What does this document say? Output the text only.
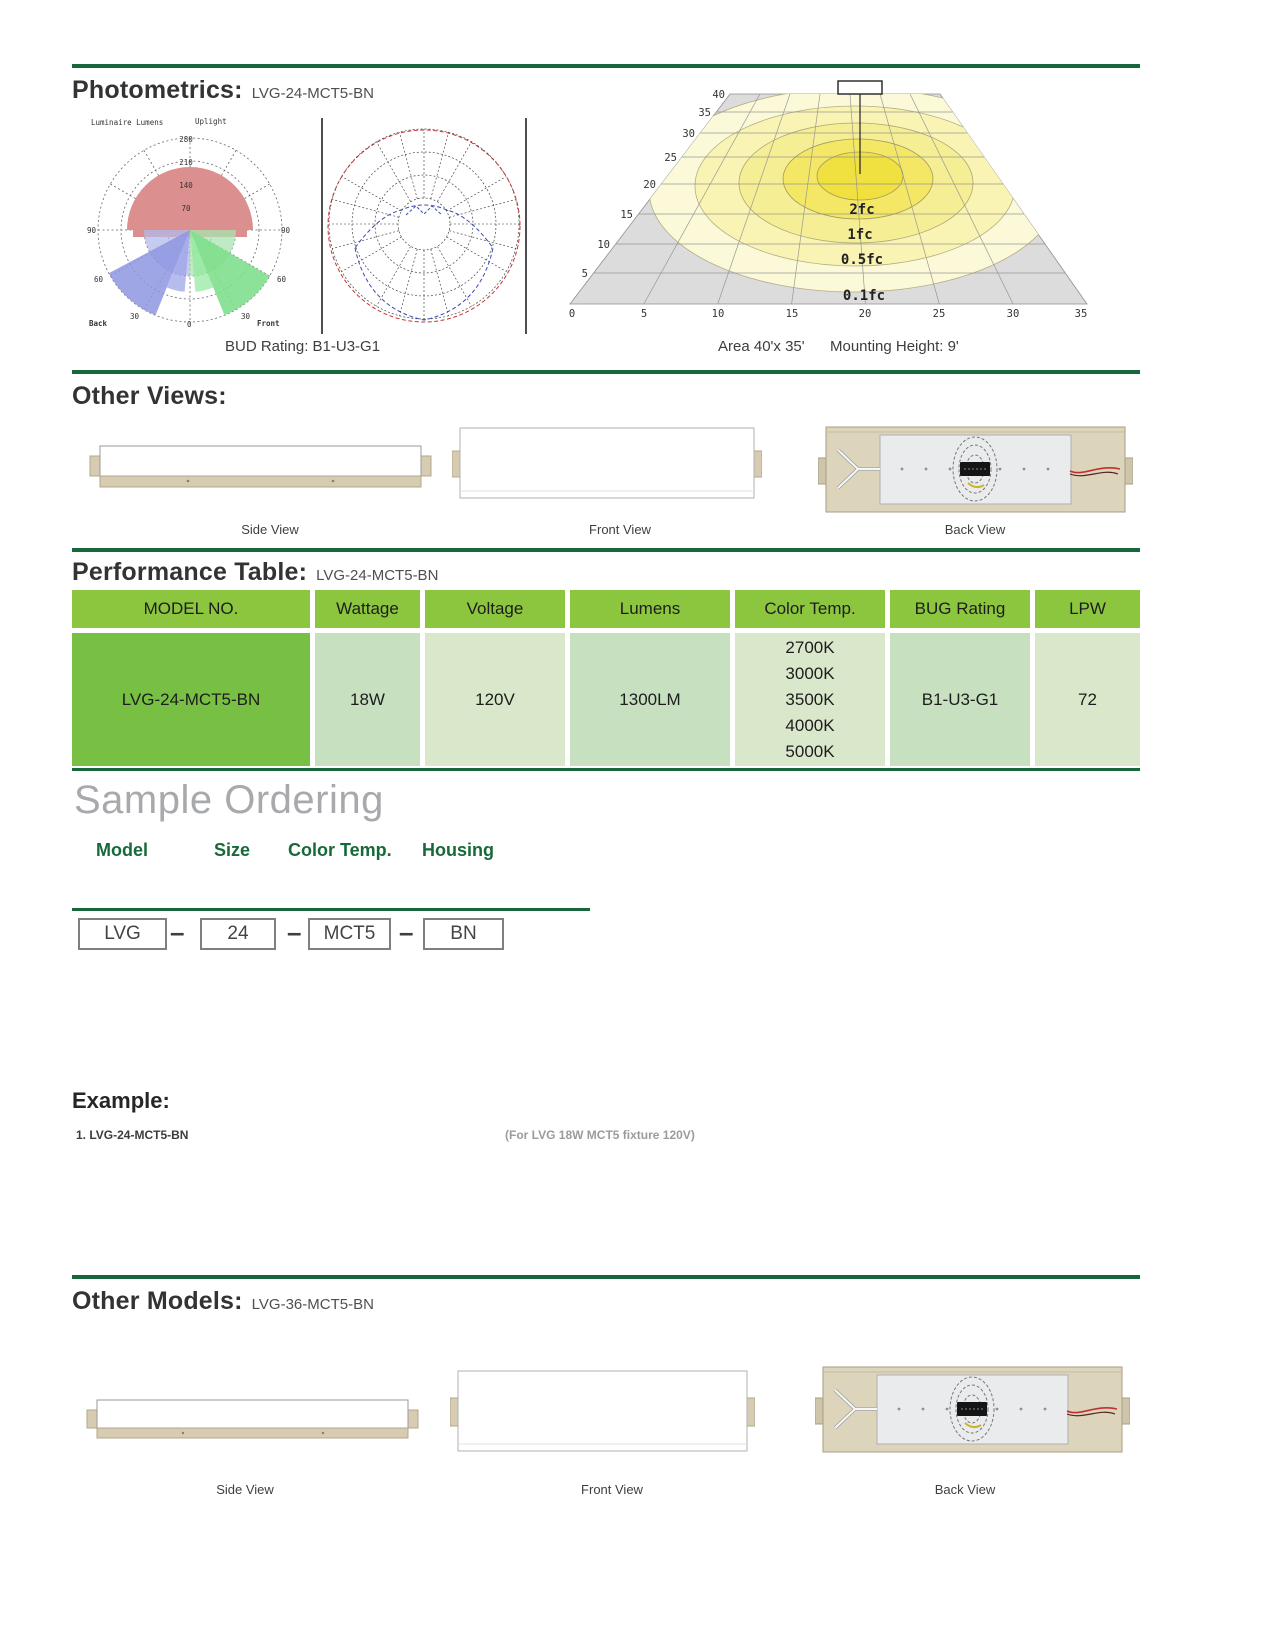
Photometrics: LVG-24-MCT5-BN
Luminaire Lumens	Uplight
280
210
140
70
90
60
30
90
60
30
0
Back	Front
40
35
30
25
20
15
10
5
0	5	10	15	20	25	30	35
2fc
1fc
0.5fc
0.1fc
BUD Rating: B1-U3-G1	Area 40'x 35' Mounting Height: 9'
Other Views:
Side View	Front View	Back View
Performance Table: LVG-24-MCT5-BN
MODEL NO.	Wattage	Voltage	Lumens	Color Temp.	BUG Rating	LPW
LVG-24-MCT5-BN	18W	120V	1300LM
2700K
3000K
3500K
4000K
5000K
B1-U3-G1	72
Sample Ordering
Model	Size Color Temp. Housing
LVG	–	24	–	MCT5 –	BN
Example:
1. LVG-24-MCT5-BN	(For LVG 18W MCT5 fixture 120V)
Other Models: LVG-36-MCT5-BN
Side View	Front View	Back View
